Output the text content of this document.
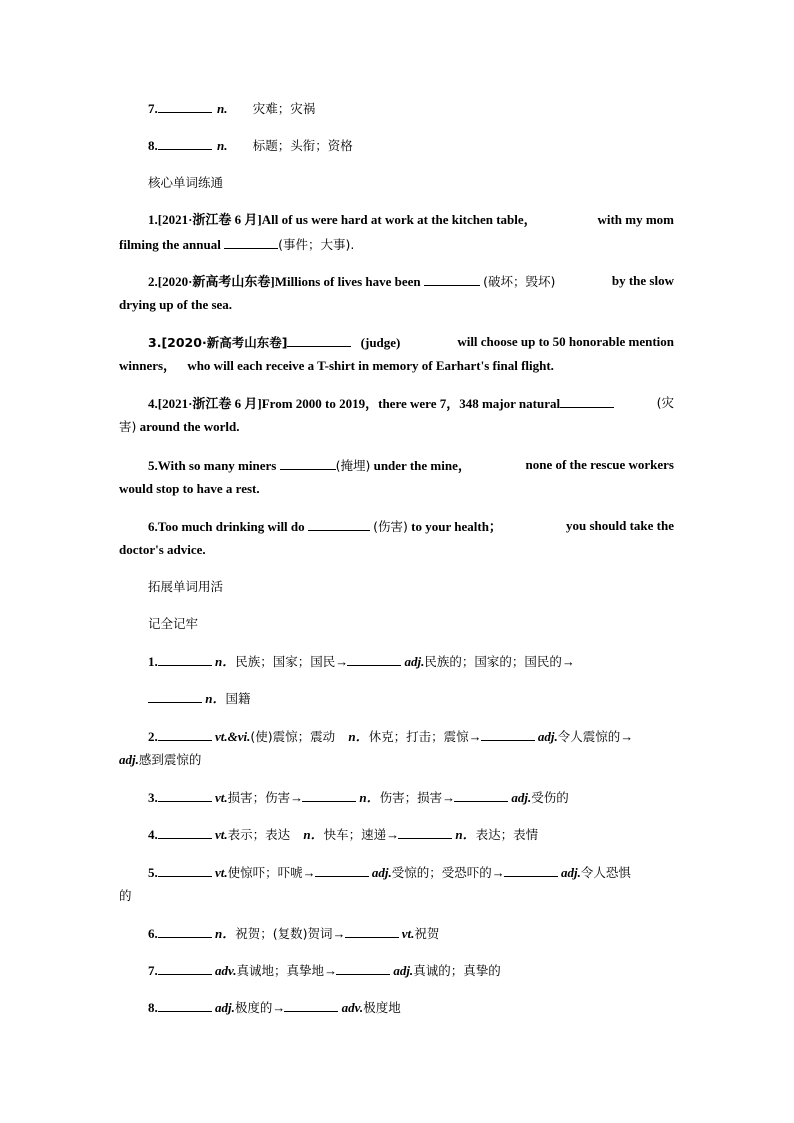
7.	n. 灾难；灾祸
8.	n. 标题；头衔；资格
核心单词练通
1.[2021·浙江卷 6 月]All of us were hard at work at the kitchen table，	with my mom
filming the annual	(事件；大事).
2.[2020·新高考山东卷]Millions of lives have been	(破坏；毁坏)	by the slow
drying up of the sea.
3.[2020·新高考山东卷]	(judge)	will choose up to 50 honorable mention
winners， who will each receive a T-shirt in memory of Earhart's final flight.
4.[2021·浙江卷 6 月]From 2000 to 2019，there were 7，348 major natural	(灾
害) around the world.
5.With so many miners	(掩埋) under the mine，	none of the rescue workers
would stop to have a rest.
6.Too much drinking will do	(伤害) to your health；	you should take the
doctor's advice.
拓展单词用活
记全记牢
1.	n．民族；国家；国民→	adj.民族的；国家的；国民的→
n．国籍
2.	vt.&vi.(使)震惊；震动 n．休克；打击；震惊→	adj.令人震惊的→
adj.感到震惊的
3.	vt.损害；伤害→	n．伤害；损害→	adj.受伤的
4.	vt.表示；表达 n．快车；速递→	n．表达；表情
5.	vt.使惊吓；吓唬→	adj.受惊的；受恐吓的→	adj.令人恐惧
的
6.	n．祝贺；(复数)贺词→	vt.祝贺
7.	adv.真诚地；真挚地→	adj.真诚的；真挚的
8.	adj.极度的→	adv.极度地
